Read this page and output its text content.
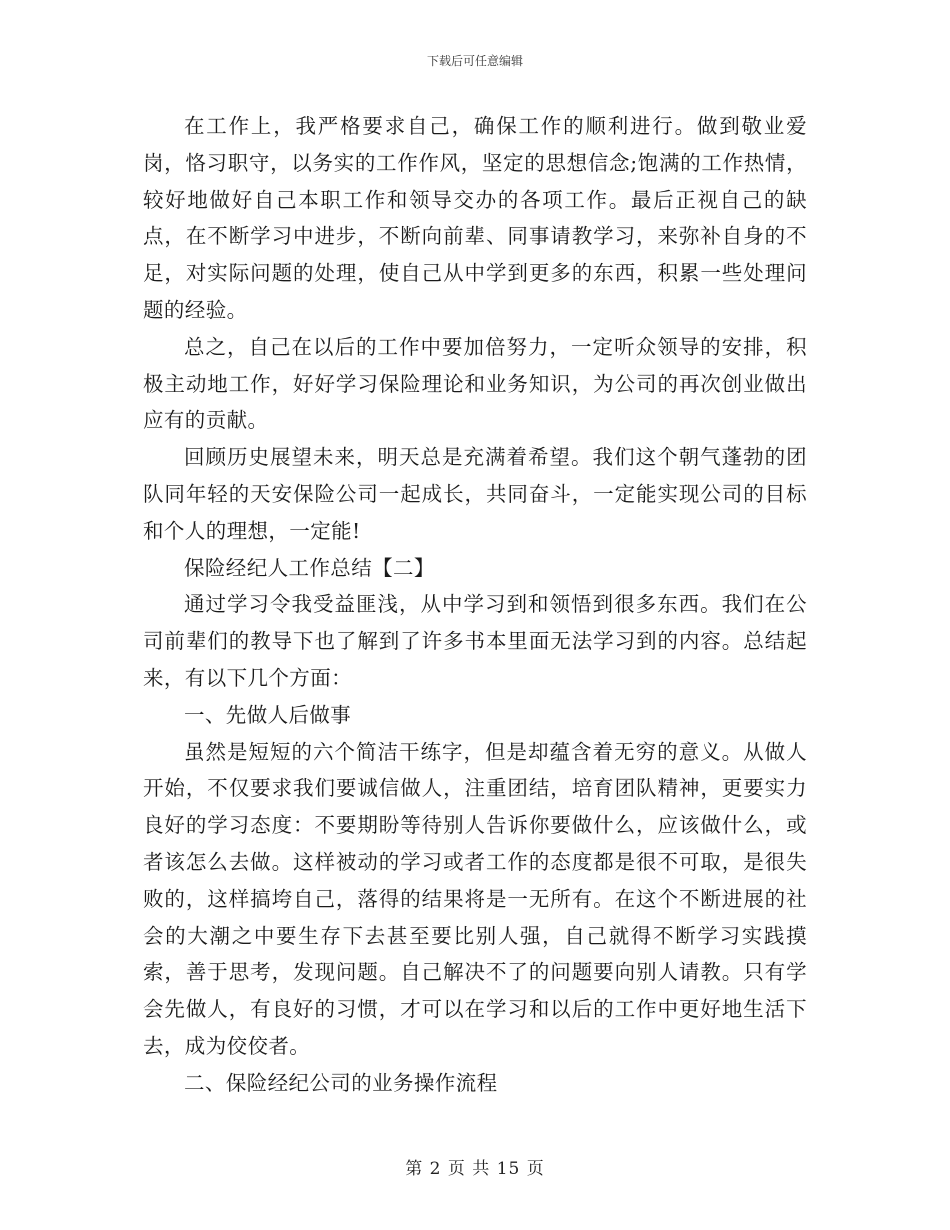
下载后可任意编辑

在工作上，我严格要求自己，确保工作的顺利进行。做到敬业爱岗，恪习职守，以务实的工作作风，坚定的思想信念;饱满的工作热情，较好地做好自己本职工作和领导交办的各项工作。最后正视自己的缺点，在不断学习中进步，不断向前辈、同事请教学习，来弥补自身的不足，对实际问题的处理，使自己从中学到更多的东西，积累一些处理问题的经验。

总之，自己在以后的工作中要加倍努力，一定听众领导的安排，积极主动地工作，好好学习保险理论和业务知识，为公司的再次创业做出应有的贡献。

回顾历史展望未来，明天总是充满着希望。我们这个朝气蓬勃的团队同年轻的天安保险公司一起成长，共同奋斗，一定能实现公司的目标和个人的理想，一定能!

保险经纪人工作总结【二】

通过学习令我受益匪浅，从中学习到和领悟到很多东西。我们在公司前辈们的教导下也了解到了许多书本里面无法学习到的内容。总结起来，有以下几个方面：

一、先做人后做事

虽然是短短的六个简洁干练字，但是却蕴含着无穷的意义。从做人开始，不仅要求我们要诚信做人，注重团结，培育团队精神，更要实力良好的学习态度：不要期盼等待别人告诉你要做什么，应该做什么，或者该怎么去做。这样被动的学习或者工作的态度都是很不可取，是很失败的，这样搞垮自己，落得的结果将是一无所有。在这个不断进展的社会的大潮之中要生存下去甚至要比别人强，自己就得不断学习实践摸索，善于思考，发现问题。自己解决不了的问题要向别人请教。只有学会先做人，有良好的习惯，才可以在学习和以后的工作中更好地生活下去，成为佼佼者。

二、保险经纪公司的业务操作流程

第 2 页 共 15 页
